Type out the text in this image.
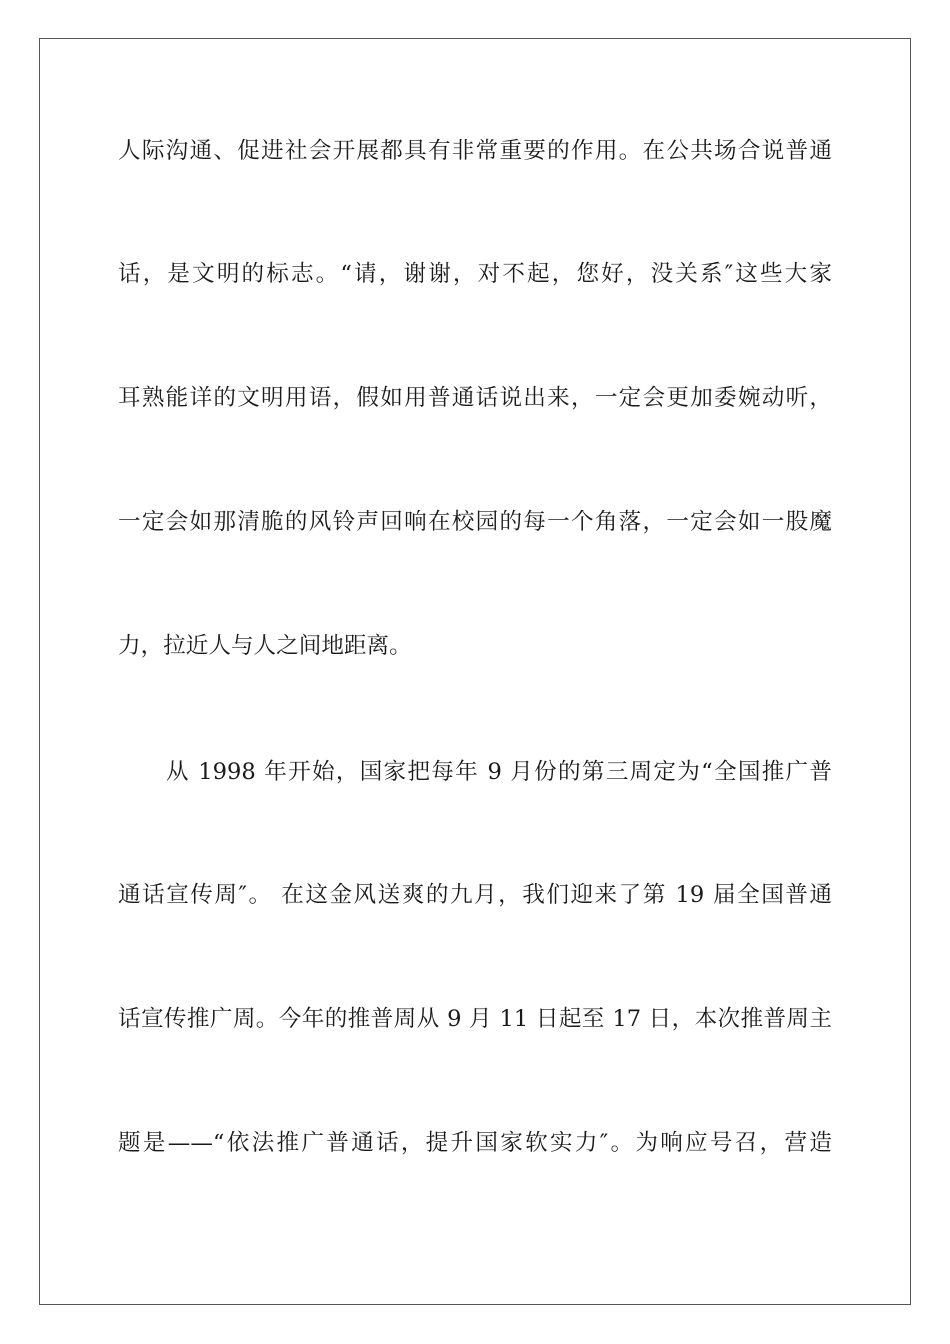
人际沟通、促进社会开展都具有非常重要的作用。在公共场合说普通
话，是文明的标志。“请，谢谢，对不起，您好，没关系″这些大家
耳熟能详的文明用语，假如用普通话说出来，一定会更加委婉动听，
一定会如那清脆的风铃声回响在校园的每一个角落，一定会如一股魔
力，拉近人与人之间地距离。
从 1998 年开始，国家把每年 9 月份的第三周定为“全国推广普
通话宣传周″。 在这金风送爽的九月，我们迎来了第 19 届全国普通
话宣传推广周。今年的推普周从 9 月 11 日起至 17 日，本次推普周主
题是——“依法推广普通话，提升国家软实力″。为响应号召，营造
